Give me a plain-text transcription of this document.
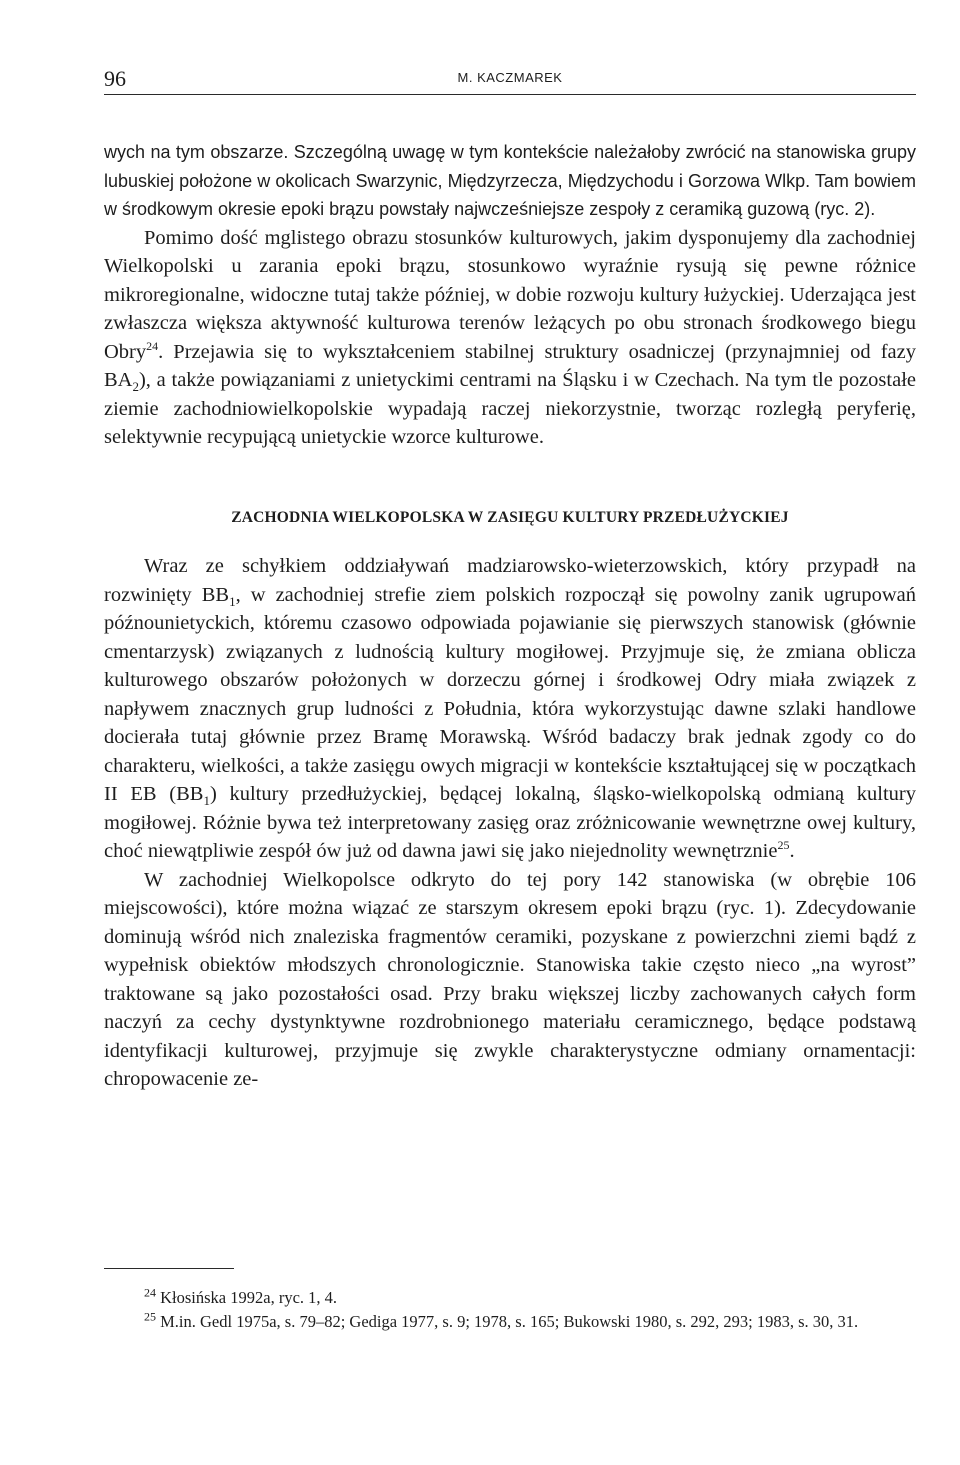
96	M. KACZMAREK

wych na tym obszarze. Szczególną uwagę w tym kontekście należałoby zwrócić na stanowiska grupy lubuskiej położone w okolicach Swarzynic, Międzyrzecza, Międzychodu i Gorzowa Wlkp. Tam bowiem w środkowym okresie epoki brązu powstały najwcześniejsze zespoły z ceramiką guzową (ryc. 2).

Pomimo dość mglistego obrazu stosunków kulturowych, jakim dysponujemy dla zachodniej Wielkopolski u zarania epoki brązu, stosunkowo wyraźnie rysują się pewne różnice mikroregionalne, widoczne tutaj także później, w dobie rozwoju kultury łużyckiej. Uderzająca jest zwłaszcza większa aktywność kulturowa terenów leżących po obu stronach środkowego biegu Obry$^{24}$. Przejawia się to wykształceniem stabilnej struktury osadniczej (przynajmniej od fazy $BA_2$), a także powiązaniami z unietyckimi centrami na Śląsku i w Czechach. Na tym tle pozostałe ziemie zachodniowielkopolskie wypadają raczej niekorzystnie, tworząc rozległą peryferię, selektywnie recypującą unietyckie wzorce kulturowe.

ZACHODNIA WIELKOPOLSKA W ZASIĘGU KULTURY PRZEDŁUŻYCKIEJ

Wraz ze schyłkiem oddziaływań madziarowsko-wieterzowskich, który przypadł na rozwinięty $BB_1$, w zachodniej strefie ziem polskich rozpoczął się powolny zanik ugrupowań późnounietyckich, któremu czasowo odpowiada pojawianie się pierwszych stanowisk (głównie cmentarzysk) związanych z ludnością kultury mogiłowej. Przyjmuje się, że zmiana oblicza kulturowego obszarów położonych w dorzeczu górnej i środkowej Odry miała związek z napływem znacznych grup ludności z Południa, która wykorzystując dawne szlaki handlowe docierała tutaj głównie przez Bramę Morawską. Wśród badaczy brak jednak zgody co do charakteru, wielkości, a także zasięgu owych migracji w kontekście kształtującej się w początkach II EB $(BB_1)$ kultury przedłużyckiej, będącej lokalną, śląsko-wielkopolską odmianą kultury mogiłowej. Różnie bywa też interpretowany zasięg oraz zróżnicowanie wewnętrzne owej kultury, choć niewątpliwie zespół ów już od dawna jawi się jako niejednolity wewnętrznie$^{25}$.

W zachodniej Wielkopolsce odkryto do tej pory 142 stanowiska (w obrębie 106 miejscowości), które można wiązać ze starszym okresem epoki brązu (ryc. 1). Zdecydowanie dominują wśród nich znaleziska fragmentów ceramiki, pozyskane z powierzchni ziemi bądź z wypełnisk obiektów młodszych chronologicznie. Stanowiska takie często nieco „na wyrost” traktowane są jako pozostałości osad. Przy braku większej liczby zachowanych całych form naczyń za cechy dystynktywne rozdrobnionego materiału ceramicznego, będące podstawą identyfikacji kulturowej, przyjmuje się zwykle charakterystyczne odmiany ornamentacji: chropowacenie ze-

$^{24}$ Kłosińska 1992a, ryc. 1, 4.

$^{25}$ M.in. Gedl 1975a, s. 79–82; Gediga 1977, s. 9; 1978, s. 165; Bukowski 1980, s. 292, 293; 1983, s. 30, 31.
